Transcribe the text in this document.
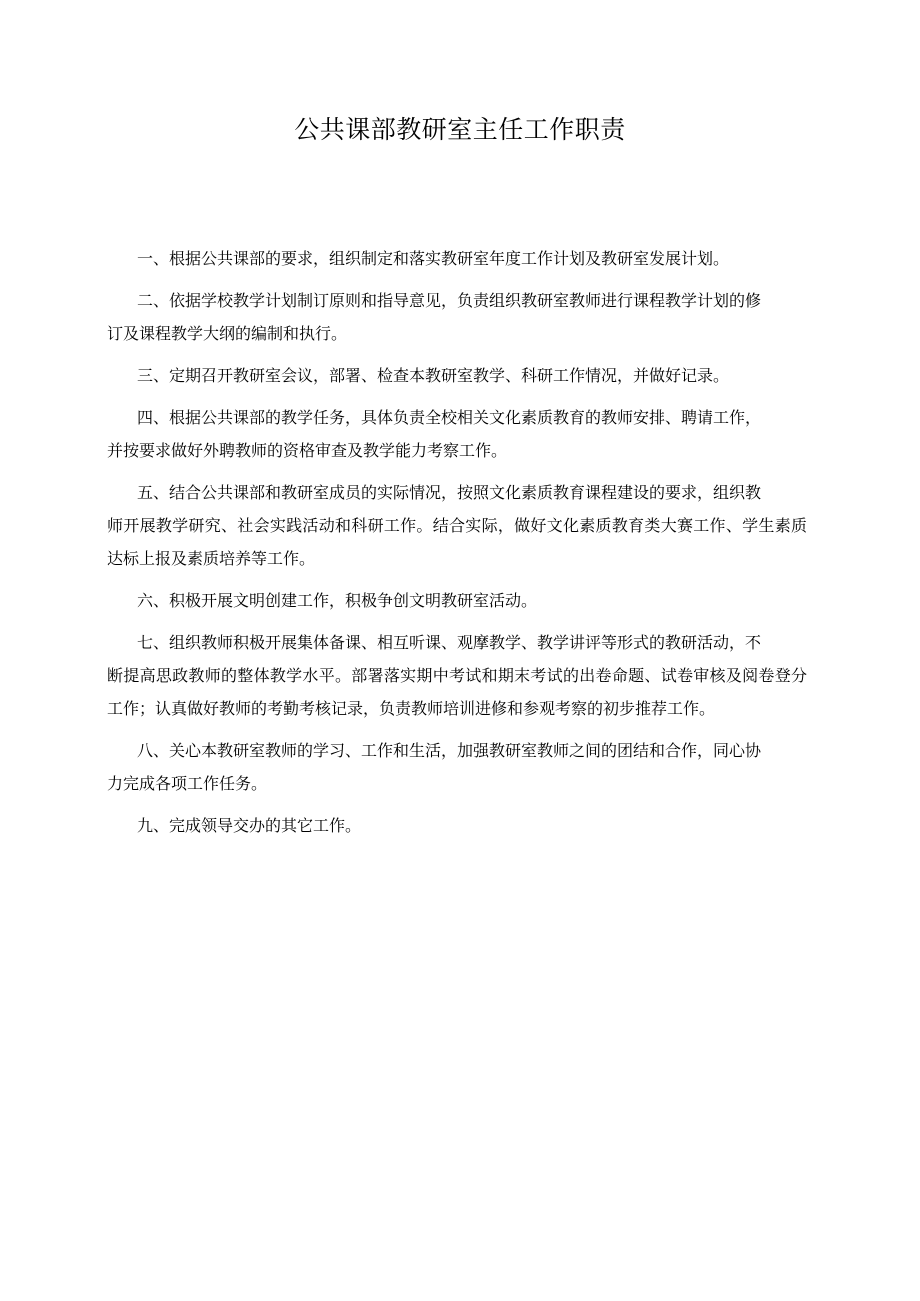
公共课部教研室主任工作职责

一、根据公共课部的要求，组织制定和落实教研室年度工作计划及教研室发展计划。

二、依据学校教学计划制订原则和指导意见，负责组织教研室教师进行课程教学计划的修
订及课程教学大纲的编制和执行。

三、定期召开教研室会议，部署、检查本教研室教学、科研工作情况，并做好记录。

四、根据公共课部的教学任务，具体负责全校相关文化素质教育的教师安排、聘请工作，
并按要求做好外聘教师的资格审查及教学能力考察工作。

五、结合公共课部和教研室成员的实际情况，按照文化素质教育课程建设的要求，组织教
师开展教学研究、社会实践活动和科研工作。结合实际，做好文化素质教育类大赛工作、学生素质达标上报及素质培养等工作。

六、积极开展文明创建工作，积极争创文明教研室活动。

七、组织教师积极开展集体备课、相互听课、观摩教学、教学讲评等形式的教研活动，不
断提高思政教师的整体教学水平。部署落实期中考试和期末考试的出卷命题、试卷审核及阅卷登分工作；认真做好教师的考勤考核记录，负责教师培训进修和参观考察的初步推荐工作。

八、关心本教研室教师的学习、工作和生活，加强教研室教师之间的团结和合作，同心协
力完成各项工作任务。

九、完成领导交办的其它工作。
